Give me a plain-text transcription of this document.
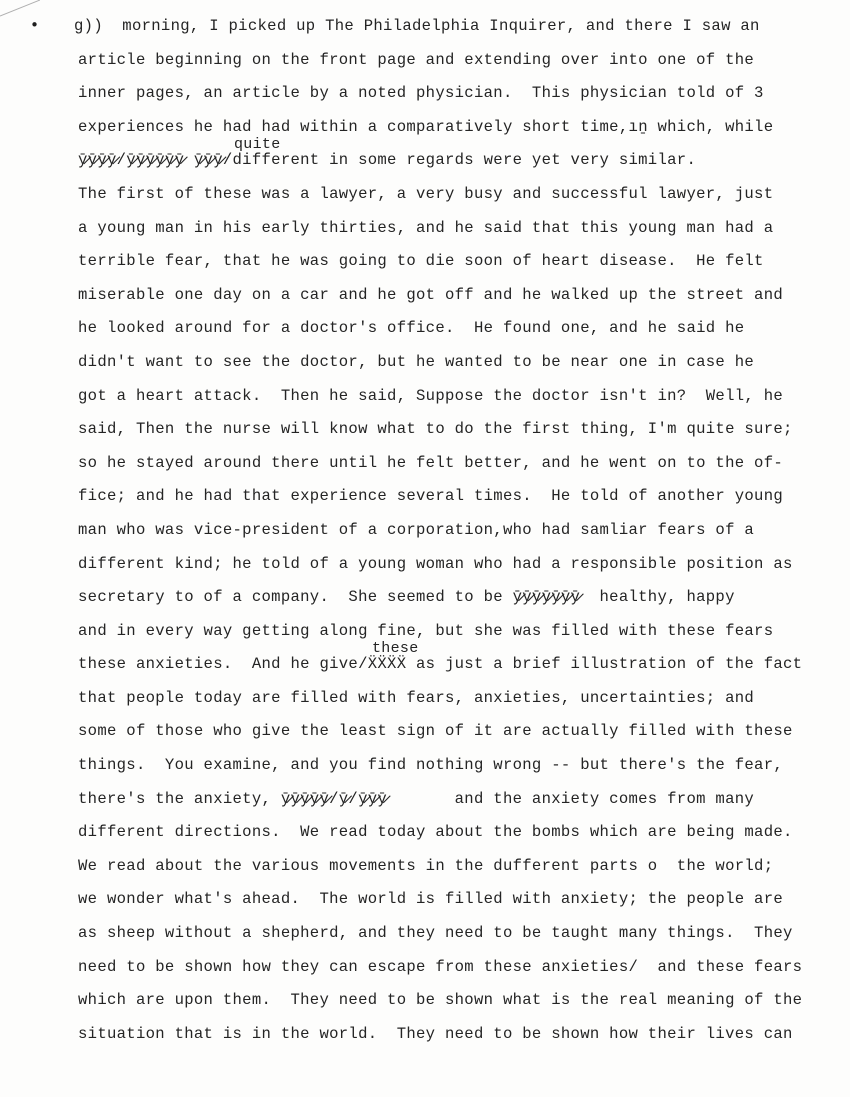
•
quite
these
ɡ))  morning, I picked up The Philadelphia Inquirer, and there I saw an
article beginning on the front page and extending over into one of the
inner pages, an article by a noted physician.  This physician told of 3
experiences he had had within a comparatively short time,ıṉ which, while
ȳ̷ȳ̷ȳ̷ȳ̷/ȳ̷ȳ̷ȳ̷ȳ̷ȳ̷ȳ̷ ȳ̷ȳ̷ȳ̷/different in some regards were yet very similar.
The first of these was a lawyer, a very busy and successful lawyer, just
a young man in his early thirties, and he said that this young man had a
terrible fear, that he was going to die soon of heart disease.  He felt
miserable one day on a car and he got off and he walked up the street and
he looked around for a doctor's office.  He found one, and he said he
didn't want to see the doctor, but he wanted to be near one in case he
got a heart attack.  Then he said, Suppose the doctor isn't in?  Well, he
said, Then the nurse will know what to do the first thing, I'm quite sure;
so he stayed around there until he felt better, and he went on to the of-
fice; and he had that experience several times.  He told of another young
man who was vice-president of a corporation,who had samliar fears of a
different kind; he told of a young woman who had a responsible position as
secretary to of a company.  She seemed to be ȳ̷ȳ̷ȳ̷ȳ̷ȳ̷ȳ̷ȳ̷  healthy, happy
and in every way getting along fine, but she was filled with these fears
these anxieties.  And he give/ẌẌẌẌ as just a brief illustration of the fact
that people today are filled with fears, anxieties, uncertainties; and
some of those who give the least sign of it are actually filled with these
things.  You examine, and you find nothing wrong -- but there's the fear,
there's the anxiety, ȳ̷ȳ̷ȳ̷ȳ̷ȳ̷/ȳ̷/ȳ̷ȳ̷ȳ̷       and the anxiety comes from many
different directions.  We read today about the bombs which are being made.
We read about the various movements in the dufferent parts o  the world;
we wonder what's ahead.  The world is filled with anxiety; the people are
as sheep without a shepherd, and they need to be taught many things.  They
need to be shown how they can escape from these anxieties/  and these fears
which are upon them.  They need to be shown what is the real meaning of the
situation that is in the world.  They need to be shown how their lives can
